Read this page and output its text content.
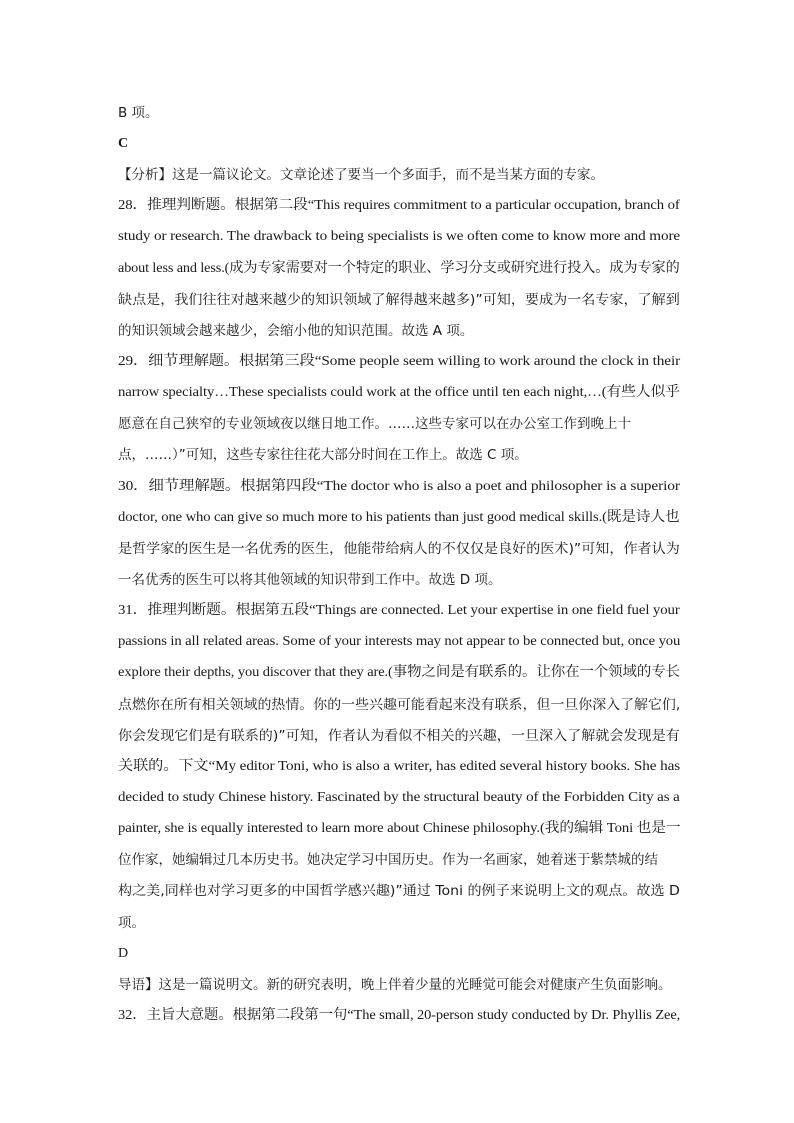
B 项。
C
【分析】这是一篇议论文。文章论述了要当一个多面手，而不是当某方面的专家。
28．推理判断题。根据第二段“This requires commitment to a particular occupation, branch of
study or research. The drawback to being specialists is we often come to know more and more
about less and less.(成为专家需要对一个特定的职业、学习分支或研究进行投入。成为专家的
缺点是，我们往往对越来越少的知识领域了解得越来越多)”可知，要成为一名专家，了解到
的知识领域会越来越少，会缩小他的知识范围。故选 A 项。
29．细节理解题。根据第三段“Some people seem willing to work around the clock in their
narrow specialty…These specialists could work at the office until ten each night,…(有些人似乎
愿意在自己狭窄的专业领域夜以继日地工作。……这些专家可以在办公室工作到晚上十
点，……）”可知，这些专家往往花大部分时间在工作上。故选 C 项。
30．细节理解题。根据第四段“The doctor who is also a poet and philosopher is a superior
doctor, one who can give so much more to his patients than just good medical skills.(既是诗人也
是哲学家的医生是一名优秀的医生，他能带给病人的不仅仅是良好的医术)”可知，作者认为
一名优秀的医生可以将其他领域的知识带到工作中。故选 D 项。
31．推理判断题。根据第五段“Things are connected. Let your expertise in one field fuel your
passions in all related areas. Some of your interests may not appear to be connected but, once you
explore their depths, you discover that they are.(事物之间是有联系的。让你在一个领域的专长
点燃你在所有相关领域的热情。你的一些兴趣可能看起来没有联系，但一旦你深入了解它们,
你会发现它们是有联系的)”可知，作者认为看似不相关的兴趣，一旦深入了解就会发现是有
关联的。下文“My editor Toni, who is also a writer, has edited several history books. She has
decided to study Chinese history. Fascinated by the structural beauty of the Forbidden City as a
painter, she is equally interested to learn more about Chinese philosophy.(我的编辑 Toni 也是一
位作家，她编辑过几本历史书。她决定学习中国历史。作为一名画家，她着迷于紫禁城的结
构之美,同样也对学习更多的中国哲学感兴趣)”通过 Toni 的例子来说明上文的观点。故选 D
项。
D
导语】这是一篇说明文。新的研究表明，晚上伴着少量的光睡觉可能会对健康产生负面影响。
32．主旨大意题。根据第二段第一句“The small, 20-person study conducted by Dr. Phyllis Zee,
